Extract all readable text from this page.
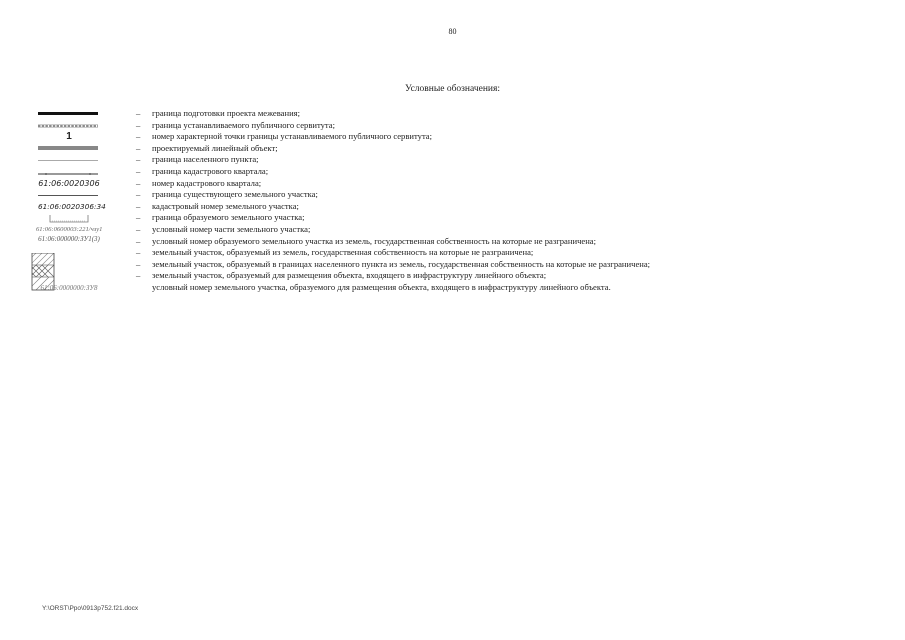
80
Условные обозначения:
– граница подготовки проекта межевания;
– граница устанавливаемого публичного сервитута;
1	– номер характерной точки границы устанавливаемого публичного сервитута;
– проектируемый линейный объект;
– граница населенного пункта;
– граница кадастрового квартала;
61:06:0020306	– номер кадастрового квартала;
– граница существующего земельного участка;
61:06:0020306:34	– кадастровый номер земельного участка;
– граница образуемого земельного участка;
61:06:0600003:221/чзу1	– условный номер части земельного участка;
61:06:000000:ЗУ1(3)	– условный номер образуемого земельного участка из земель, государственная собственность на которые не разграничена;
– земельный участок, образуемый из земель, государственная собственность на которые не разграничена;
– земельный участок, образуемый в границах населенного пункта из земель, государственная собственность на которые не разграничена;
– земельный участок, образуемый для размещения объекта, входящего в инфраструктуру линейного объекта;
61:06:0000000:ЗУ8	условный номер земельного участка, образуемого для размещения объекта, входящего в инфраструктуру линейного объекта.
Y:\ORST\Ppo\0913p752.f21.docx
